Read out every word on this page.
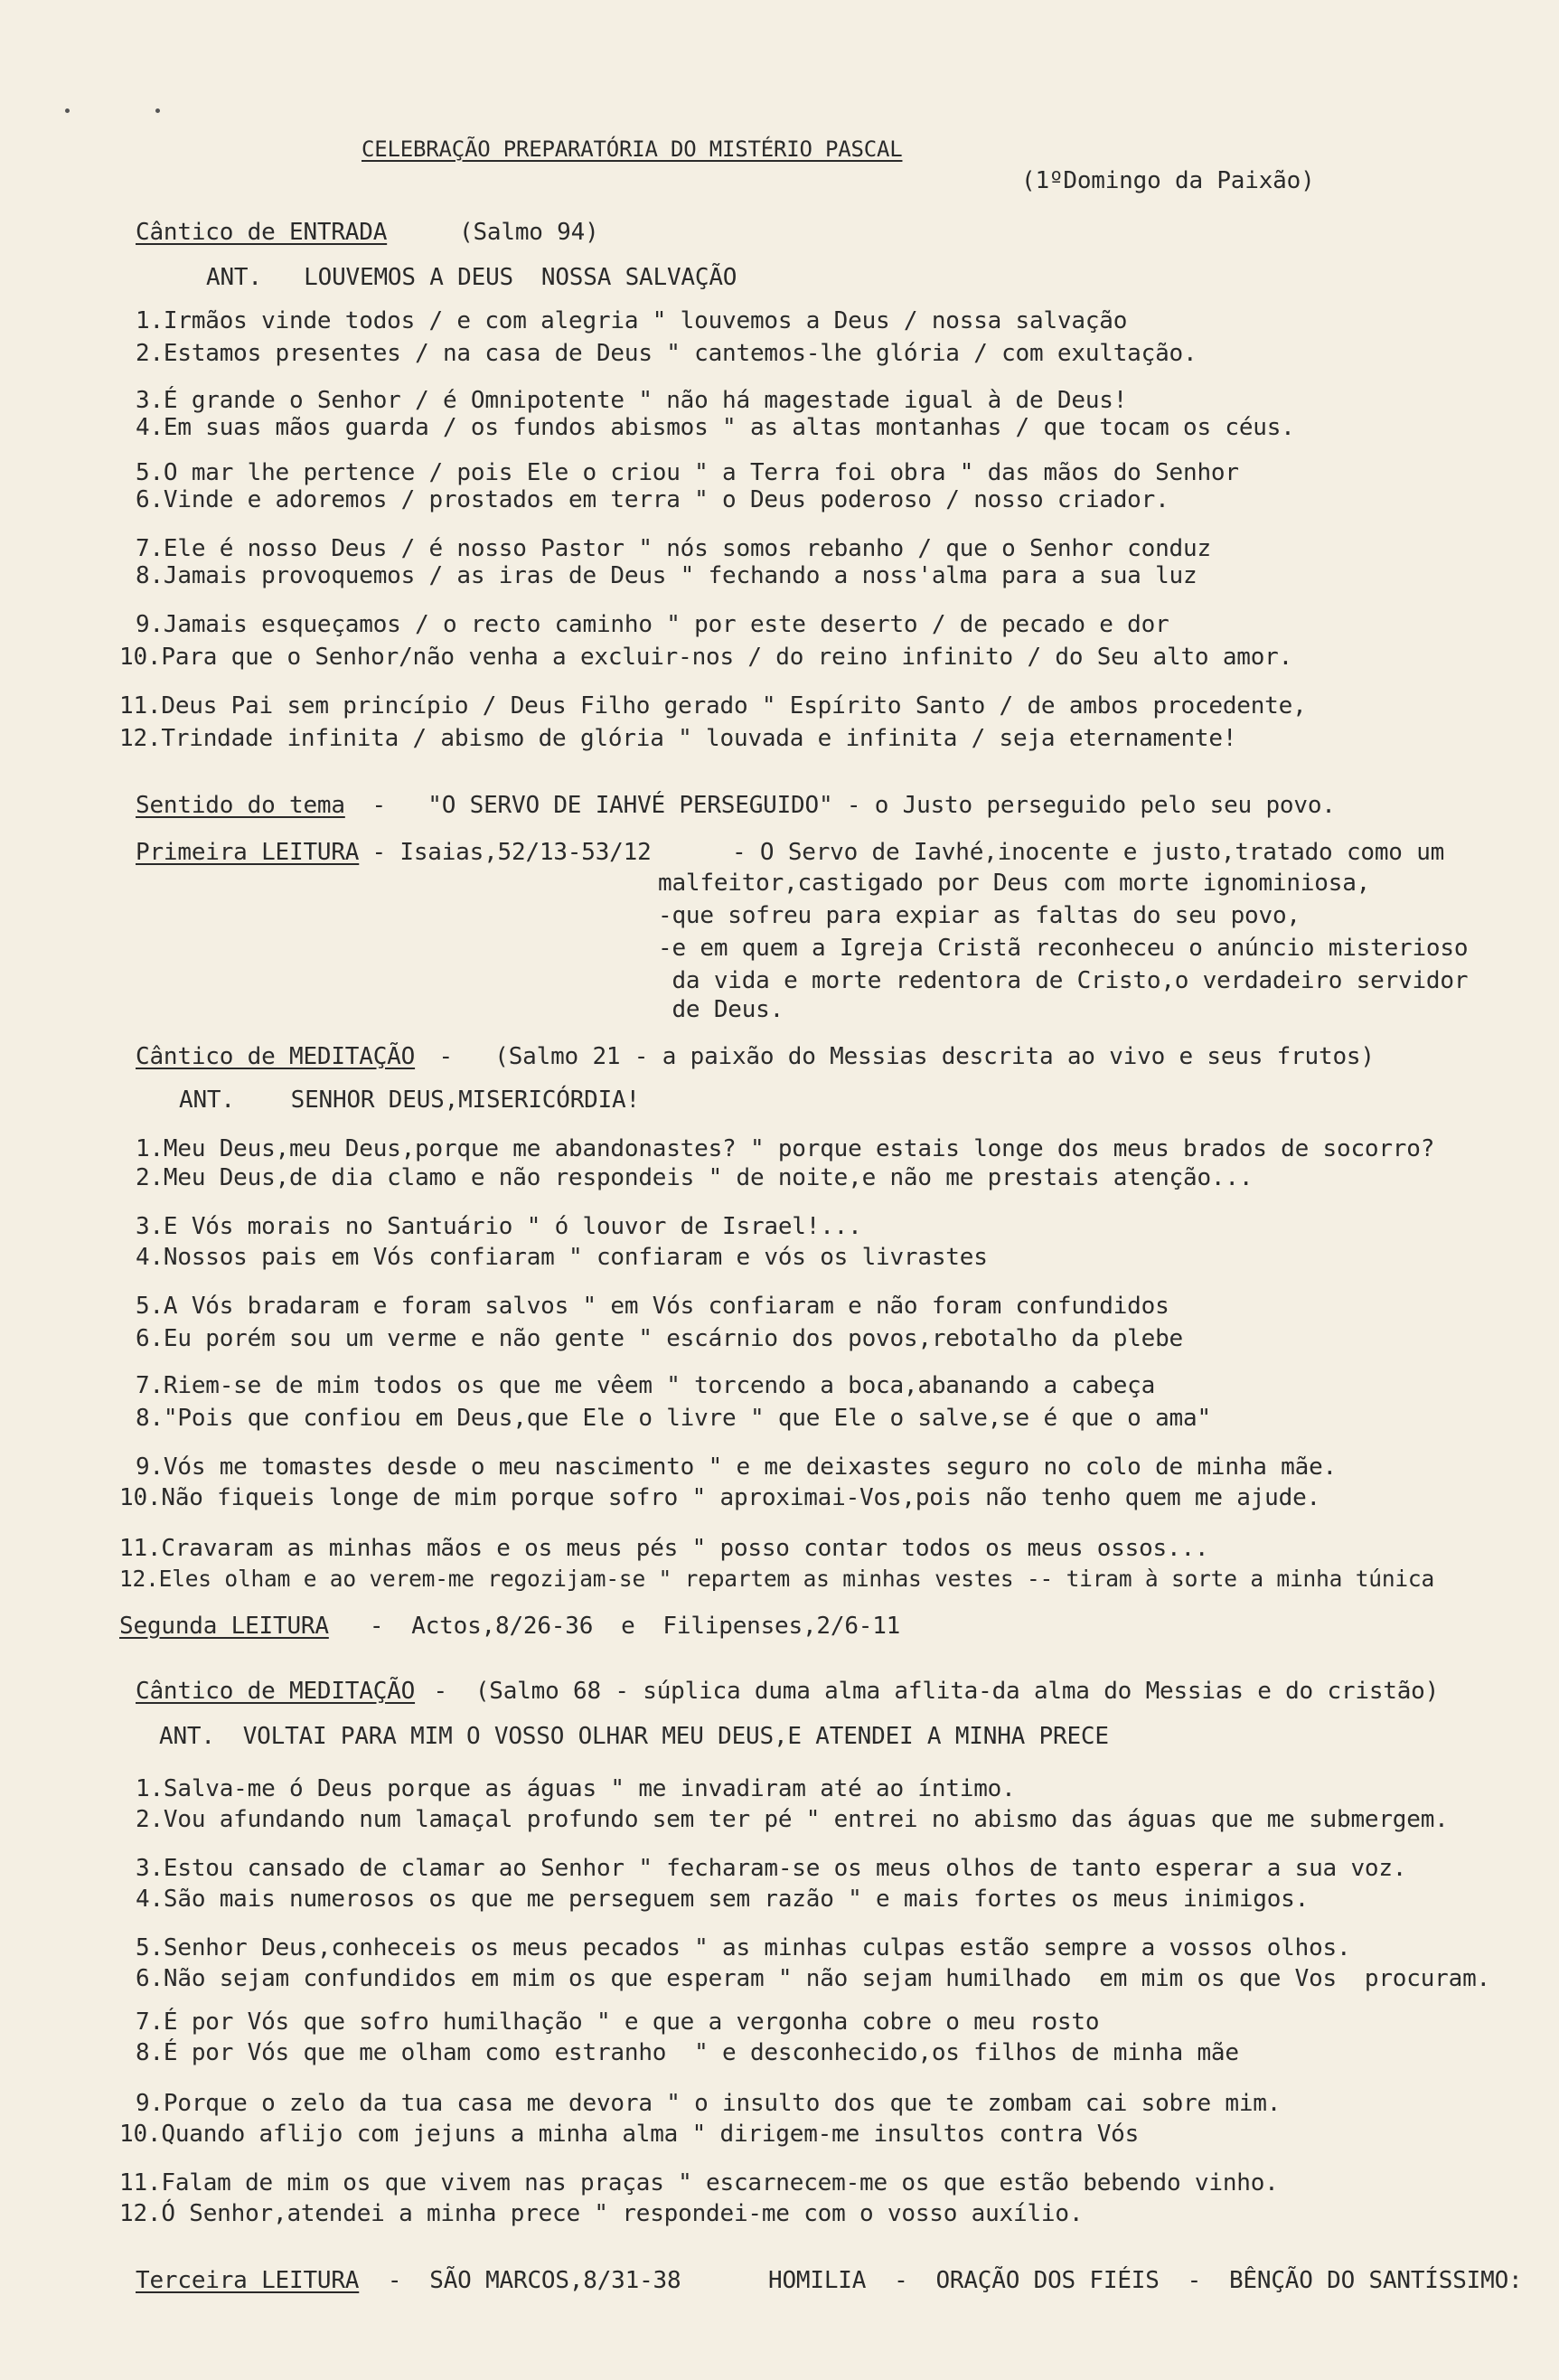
CELEBRAÇÃO PREPARATÓRIA DO MISTÉRIO PASCAL
(1ºDomingo da Paixão)
Cântico de ENTRADA	(Salmo 94)
ANT.   LOUVEMOS A DEUS  NOSSA SALVAÇÃO
1.Irmãos vinde todos / e com alegria " louvemos a Deus / nossa salvação
2.Estamos presentes / na casa de Deus " cantemos-lhe glória / com exultação.
3.É grande o Senhor / é Omnipotente " não há magestade igual à de Deus!
4.Em suas mãos guarda / os fundos abismos " as altas montanhas / que tocam os céus.
5.O mar lhe pertence / pois Ele o criou " a Terra foi obra " das mãos do Senhor
6.Vinde e adoremos / prostados em terra " o Deus poderoso / nosso criador.
7.Ele é nosso Deus / é nosso Pastor " nós somos rebanho / que o Senhor conduz
8.Jamais provoquemos / as iras de Deus " fechando a noss'alma para a sua luz
9.Jamais esqueçamos / o recto caminho " por este deserto / de pecado e dor
10.Para que o Senhor/não venha a excluir-nos / do reino infinito / do Seu alto amor.
11.Deus Pai sem princípio / Deus Filho gerado " Espírito Santo / de ambos procedente,
12.Trindade infinita / abismo de glória " louvada e infinita / seja eternamente!
Sentido do tema -   "O SERVO DE IAHVÉ PERSEGUIDO" - o Justo perseguido pelo seu povo.
Primeira LEITURA
- Isaias,52/13-53/12	- O Servo de Iavhé,inocente e justo,tratado como um
malfeitor,castigado por Deus com morte ignominiosa,
-que sofreu para expiar as faltas do seu povo,
-e em quem a Igreja Cristã reconheceu o anúncio misterioso
da vida e morte redentora de Cristo,o verdadeiro servidor
de Deus.
Cântico de MEDITAÇÃO -   (Salmo 21 - a paixão do Messias descrita ao vivo e seus frutos)
ANT.    SENHOR DEUS,MISERICÓRDIA!
1.Meu Deus,meu Deus,porque me abandonastes? " porque estais longe dos meus brados de socorro?
2.Meu Deus,de dia clamo e não respondeis " de noite,e não me prestais atenção...
3.E Vós morais no Santuário " ó louvor de Israel!...
4.Nossos pais em Vós confiaram " confiaram e vós os livrastes
5.A Vós bradaram e foram salvos " em Vós confiaram e não foram confundidos
6.Eu porém sou um verme e não gente " escárnio dos povos,rebotalho da plebe
7.Riem-se de mim todos os que me vêem " torcendo a boca,abanando a cabeça
8."Pois que confiou em Deus,que Ele o livre " que Ele o salve,se é que o ama"
9.Vós me tomastes desde o meu nascimento " e me deixastes seguro no colo de minha mãe.
10.Não fiqueis longe de mim porque sofro " aproximai-Vos,pois não tenho quem me ajude.
11.Cravaram as minhas mãos e os meus pés " posso contar todos os meus ossos...
12.Eles olham e ao verem-me regozijam-se " repartem as minhas vestes -- tiram à sorte a minha túnica
Segunda LEITURA -  Actos,8/26-36  e  Filipenses,2/6-11
Cântico de MEDITAÇÃO -  (Salmo 68 - súplica duma alma aflita-da alma do Messias e do cristão)
ANT.  VOLTAI PARA MIM O VOSSO OLHAR MEU DEUS,E ATENDEI A MINHA PRECE
1.Salva-me ó Deus porque as águas " me invadiram até ao íntimo.
2.Vou afundando num lamaçal profundo sem ter pé " entrei no abismo das águas que me submergem.
3.Estou cansado de clamar ao Senhor " fecharam-se os meus olhos de tanto esperar a sua voz.
4.São mais numerosos os que me perseguem sem razão " e mais fortes os meus inimigos.
5.Senhor Deus,conheceis os meus pecados " as minhas culpas estão sempre a vossos olhos.
6.Não sejam confundidos em mim os que esperam " não sejam humilhado  em mim os que Vos  procuram.
7.É por Vós que sofro humilhação " e que a vergonha cobre o meu rosto
8.É por Vós que me olham como estranho  " e desconhecido,os filhos de minha mãe
9.Porque o zelo da tua casa me devora " o insulto dos que te zombam cai sobre mim.
10.Quando aflijo com jejuns a minha alma " dirigem-me insultos contra Vós
11.Falam de mim os que vivem nas praças " escarnecem-me os que estão bebendo vinho.
12.Ó Senhor,atendei a minha prece " respondei-me com o vosso auxílio.
Terceira LEITURA -  SÃO MARCOS,8/31-38	HOMILIA  -  ORAÇÃO DOS FIÉIS  -  BÊNÇÃO DO SANTÍSSIMO:
